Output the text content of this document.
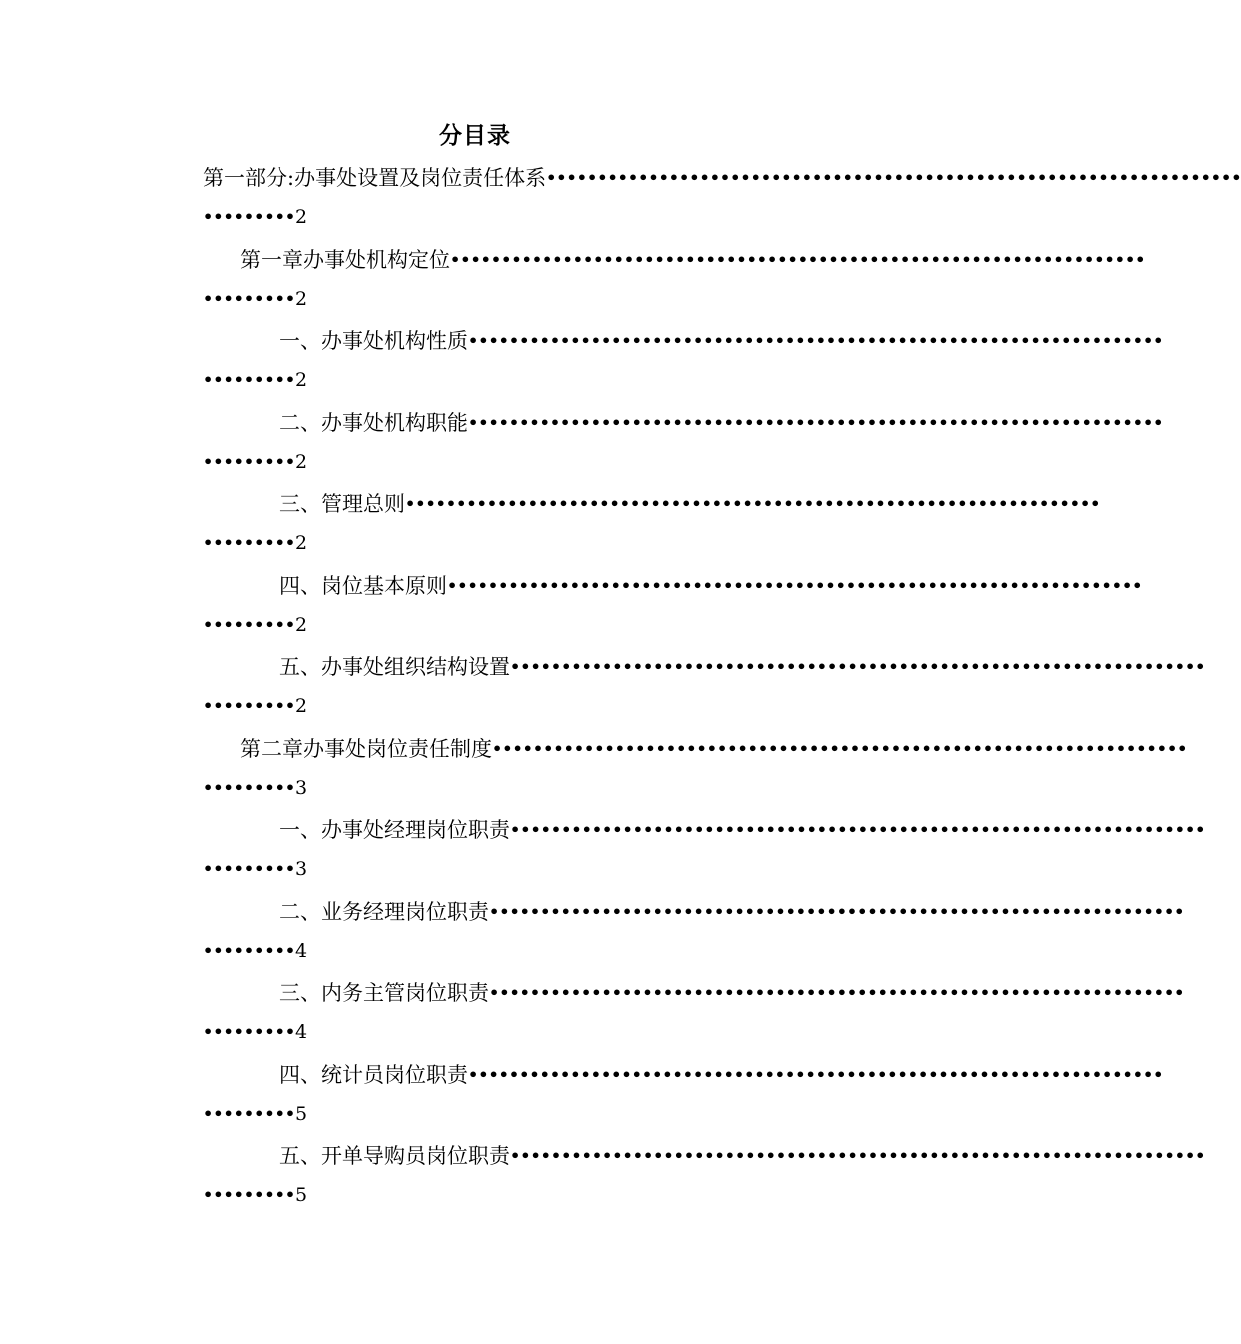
分目录
第一部分:办事处设置及岗位责任体系 ••••••••••••••••••••••••••••••••••••••••••••••••••••••••••••••••••••
••••••••• 2
第一章 办事处机构定位 ••••••••••••••••••••••••••••••••••••••••••••••••••••••••••••••••••••
••••••••• 2
一、办事处机构性质 ••••••••••••••••••••••••••••••••••••••••••••••••••••••••••••••••••••
••••••••• 2
二、办事处机构职能 ••••••••••••••••••••••••••••••••••••••••••••••••••••••••••••••••••••
••••••••• 2
三、管理总则 ••••••••••••••••••••••••••••••••••••••••••••••••••••••••••••••••••••
••••••••• 2
四、岗位基本原则 ••••••••••••••••••••••••••••••••••••••••••••••••••••••••••••••••••••
••••••••• 2
五、办事处组织结构设置 ••••••••••••••••••••••••••••••••••••••••••••••••••••••••••••••••••••
••••••••• 2
第二章 办事处岗位责任制度 ••••••••••••••••••••••••••••••••••••••••••••••••••••••••••••••••••••
••••••••• 3
一、办事处经理岗位职责 ••••••••••••••••••••••••••••••••••••••••••••••••••••••••••••••••••••
••••••••• 3
二、业务经理岗位职责 ••••••••••••••••••••••••••••••••••••••••••••••••••••••••••••••••••••
••••••••• 4
三、内务主管岗位职责 ••••••••••••••••••••••••••••••••••••••••••••••••••••••••••••••••••••
••••••••• 4
四、统计员岗位职责 ••••••••••••••••••••••••••••••••••••••••••••••••••••••••••••••••••••
••••••••• 5
五、开单导购员岗位职责 ••••••••••••••••••••••••••••••••••••••••••••••••••••••••••••••••••••
••••••••• 5
